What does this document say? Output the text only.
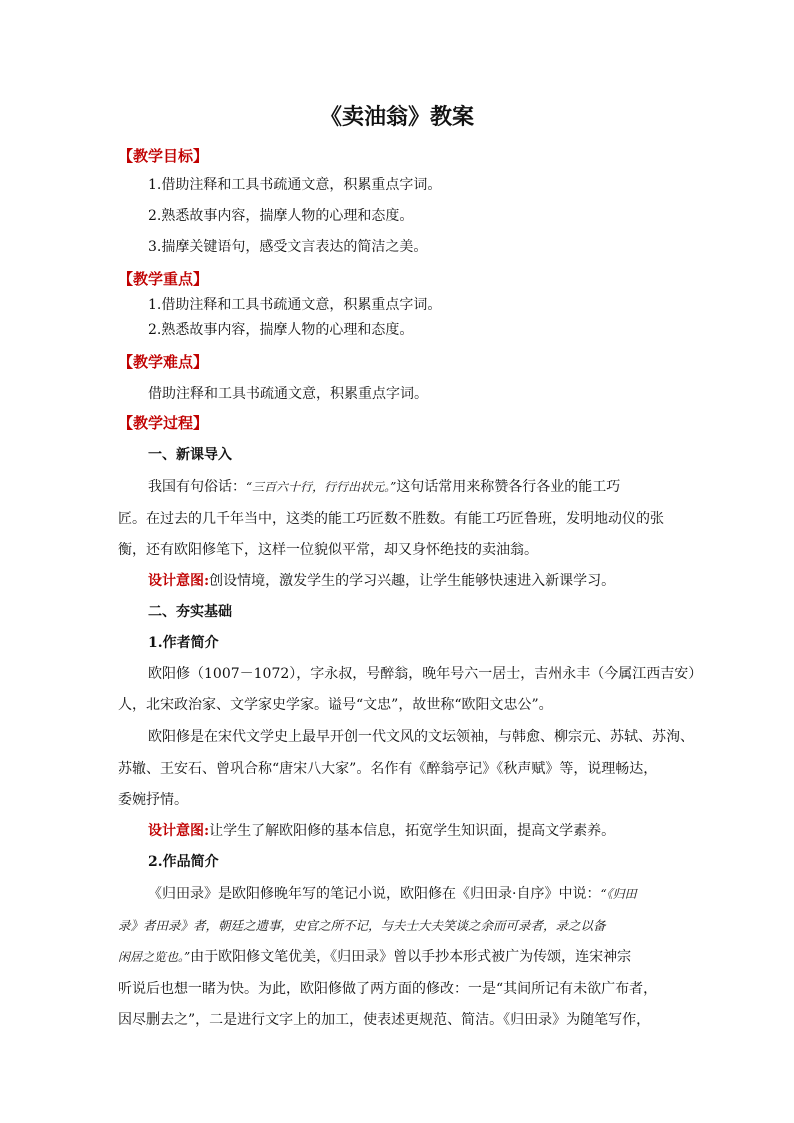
《卖油翁》教案
【教学目标】
1.借助注释和工具书疏通文意，积累重点字词。
2.熟悉故事内容，揣摩人物的心理和态度。
3.揣摩关键语句，感受文言表达的简洁之美。
【教学重点】
1.借助注释和工具书疏通文意，积累重点字词。
2.熟悉故事内容，揣摩人物的心理和态度。
【教学难点】
借助注释和工具书疏通文意，积累重点字词。
【教学过程】
一、新课导入
我国有句俗话：“三百六十行，行行出状元。”这句话常用来称赞各行各业的能工巧
匠。在过去的几千年当中，这类的能工巧匠数不胜数。有能工巧匠鲁班，发明地动仪的张
衡，还有欧阳修笔下，这样一位貌似平常，却又身怀绝技的卖油翁。
设计意图:创设情境，激发学生的学习兴趣，让学生能够快速进入新课学习。
二、夯实基础
1.作者简介
欧阳修（1007－1072），字永叔，号醉翁，晚年号六一居士，吉州永丰（今属江西吉安）
人，北宋政治家、文学家史学家。谥号“文忠”，故世称“欧阳文忠公”。
欧阳修是在宋代文学史上最早开创一代文风的文坛领袖，与韩愈、柳宗元、苏轼、苏洵、
苏辙、王安石、曾巩合称“唐宋八大家”。名作有《醉翁亭记》《秋声赋》等，说理畅达，
委婉抒情。
设计意图:让学生了解欧阳修的基本信息，拓宽学生知识面，提高文学素养。
2.作品简介
《归田录》是欧阳修晚年写的笔记小说，欧阳修在《归田录·自序》中说：“《归田
录》者田录》者，朝廷之遗事，史官之所不记，与夫士大夫笑谈之余而可录者，录之以备
闲居之览也。”由于欧阳修文笔优美，《归田录》曾以手抄本形式被广为传颂，连宋神宗
听说后也想一睹为快。为此，欧阳修做了两方面的修改：一是“其间所记有未欲广布者，
因尽删去之”，二是进行文字上的加工，使表述更规范、简洁。《归田录》为随笔写作，
